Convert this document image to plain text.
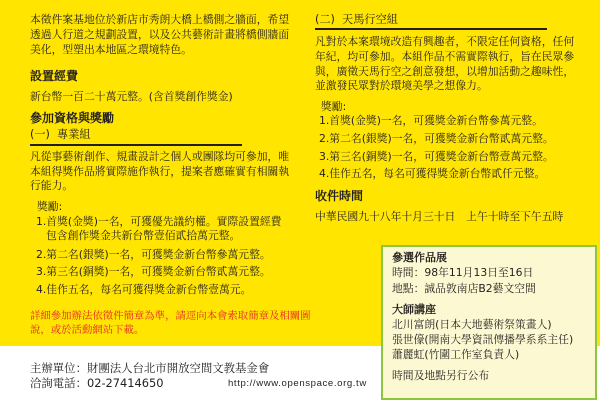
本徵件案基地位於新店市秀朗大橋上橋側之牆面，希望
透過人行道之規劃設置，以及公共藝術計畫將橋側牆面
美化，型塑出本地區之環境特色。
設置經費
新台幣一百二十萬元整。(含首獎創作獎金)
參加資格與獎勵
(一)  專業組
凡從事藝術創作、規畫設計之個人或團隊均可參加，唯
本組得獎作品將實際施作執行，提案者應確實有相關執
行能力。
獎勵:
1.首獎(金獎)一名，可獲優先議約權。實際設置經費
包含創作獎金共新台幣壹佰貳拾萬元整。
2.第二名(銀獎)一名，可獲獎金新台幣參萬元整。
3.第三名(銅獎)一名，可獲獎金新台幣貳萬元整。
4.佳作五名，每名可獲得獎金新台幣壹萬元。
詳細參加辦法依徵件簡章為準，請逕向本會索取簡章及相關圖
說，或於活動網站下載。
(二)  天馬行空組
凡對於本案環境改造有興趣者，不限定任何資格，任何
年紀，均可參加。本組作品不需實際執行，旨在民眾參
與，廣徵天馬行空之創意發想，以增加活動之趣味性，
並激發民眾對於環境美學之想像力。
獎勵:
1.首獎(金獎)一名，可獲獎金新台幣參萬元整。
2.第二名(銀獎)一名，可獲獎金新台幣貳萬元整。
3.第三名(銅獎)一名，可獲獎金新台幣壹萬元整。
4.佳作五名，每名可獲得獎金新台幣貳仟元整。
收件時間
中華民國九十八年十月三十日　上午十時至下午五時
參選作品展
時間：98年11月13日至16日
地點：誠品敦南店B2藝文空間
大師講座
北川富朗(日本大地藝術祭策畫人)
張世儫(開南大學資訊傳播學系系主任)
蕭麗虹(竹圍工作室負責人)
時間及地點另行公布
主辦單位：財團法人台北市開放空間文教基金會
洽詢電話：02-27414650	http://www.openspace.org.tw
